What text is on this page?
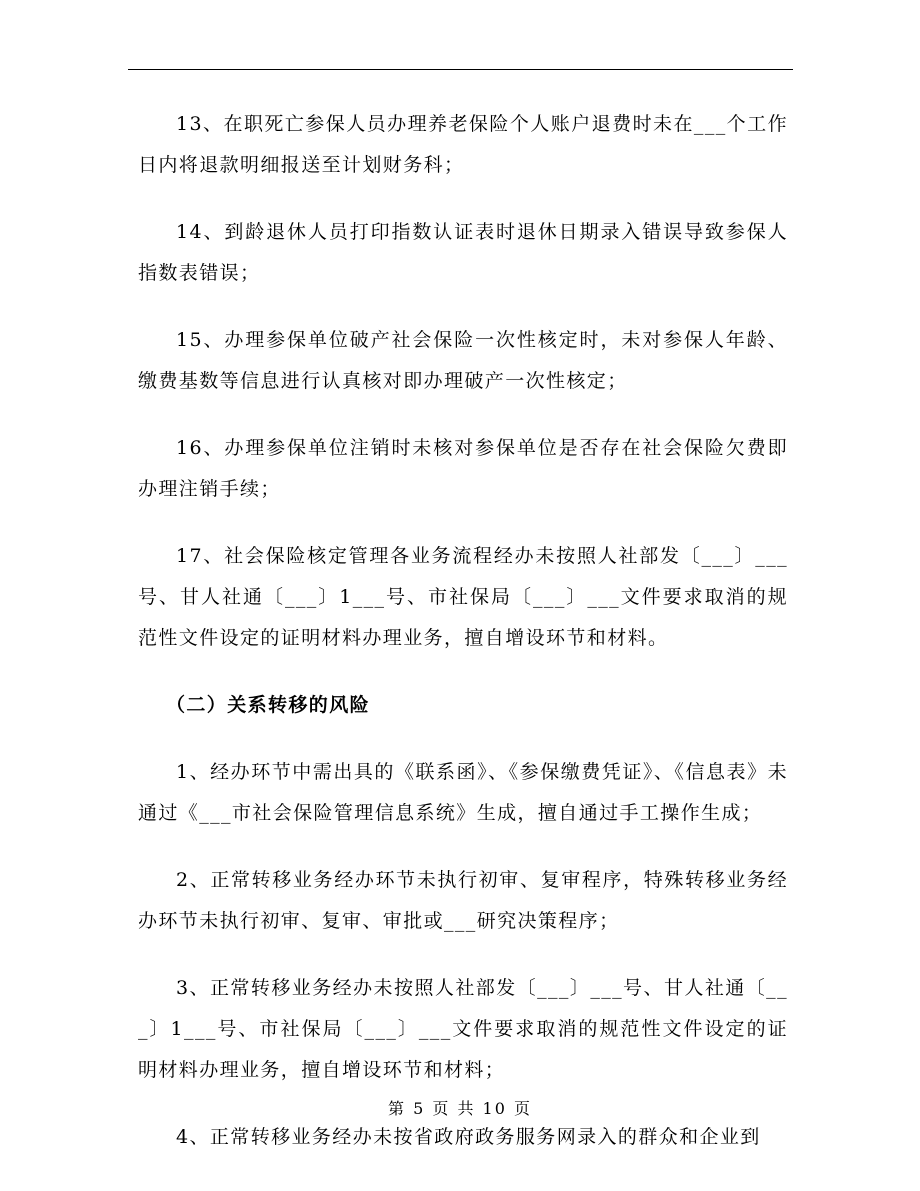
13、在职死亡参保人员办理养老保险个人账户退费时未在___个工作日内将退款明细报送至计划财务科；

14、到龄退休人员打印指数认证表时退休日期录入错误导致参保人指数表错误；

15、办理参保单位破产社会保险一次性核定时，未对参保人年龄、缴费基数等信息进行认真核对即办理破产一次性核定；

16、办理参保单位注销时未核对参保单位是否存在社会保险欠费即办理注销手续；

17、社会保险核定管理各业务流程经办未按照人社部发〔___〕___号、甘人社通〔___〕1___号、市社保局〔___〕___文件要求取消的规范性文件设定的证明材料办理业务，擅自增设环节和材料。

（二）关系转移的风险

1、经办环节中需出具的《联系函》、《参保缴费凭证》、《信息表》未通过《___市社会保险管理信息系统》生成，擅自通过手工操作生成；

2、正常转移业务经办环节未执行初审、复审程序，特殊转移业务经办环节未执行初审、复审、审批或___研究决策程序；

3、正常转移业务经办未按照人社部发〔___〕___号、甘人社通〔___〕1___号、市社保局〔___〕___文件要求取消的规范性文件设定的证明材料办理业务，擅自增设环节和材料；

4、正常转移业务经办未按省政府政务服务网录入的群众和企业到

第 5 页 共 10 页
